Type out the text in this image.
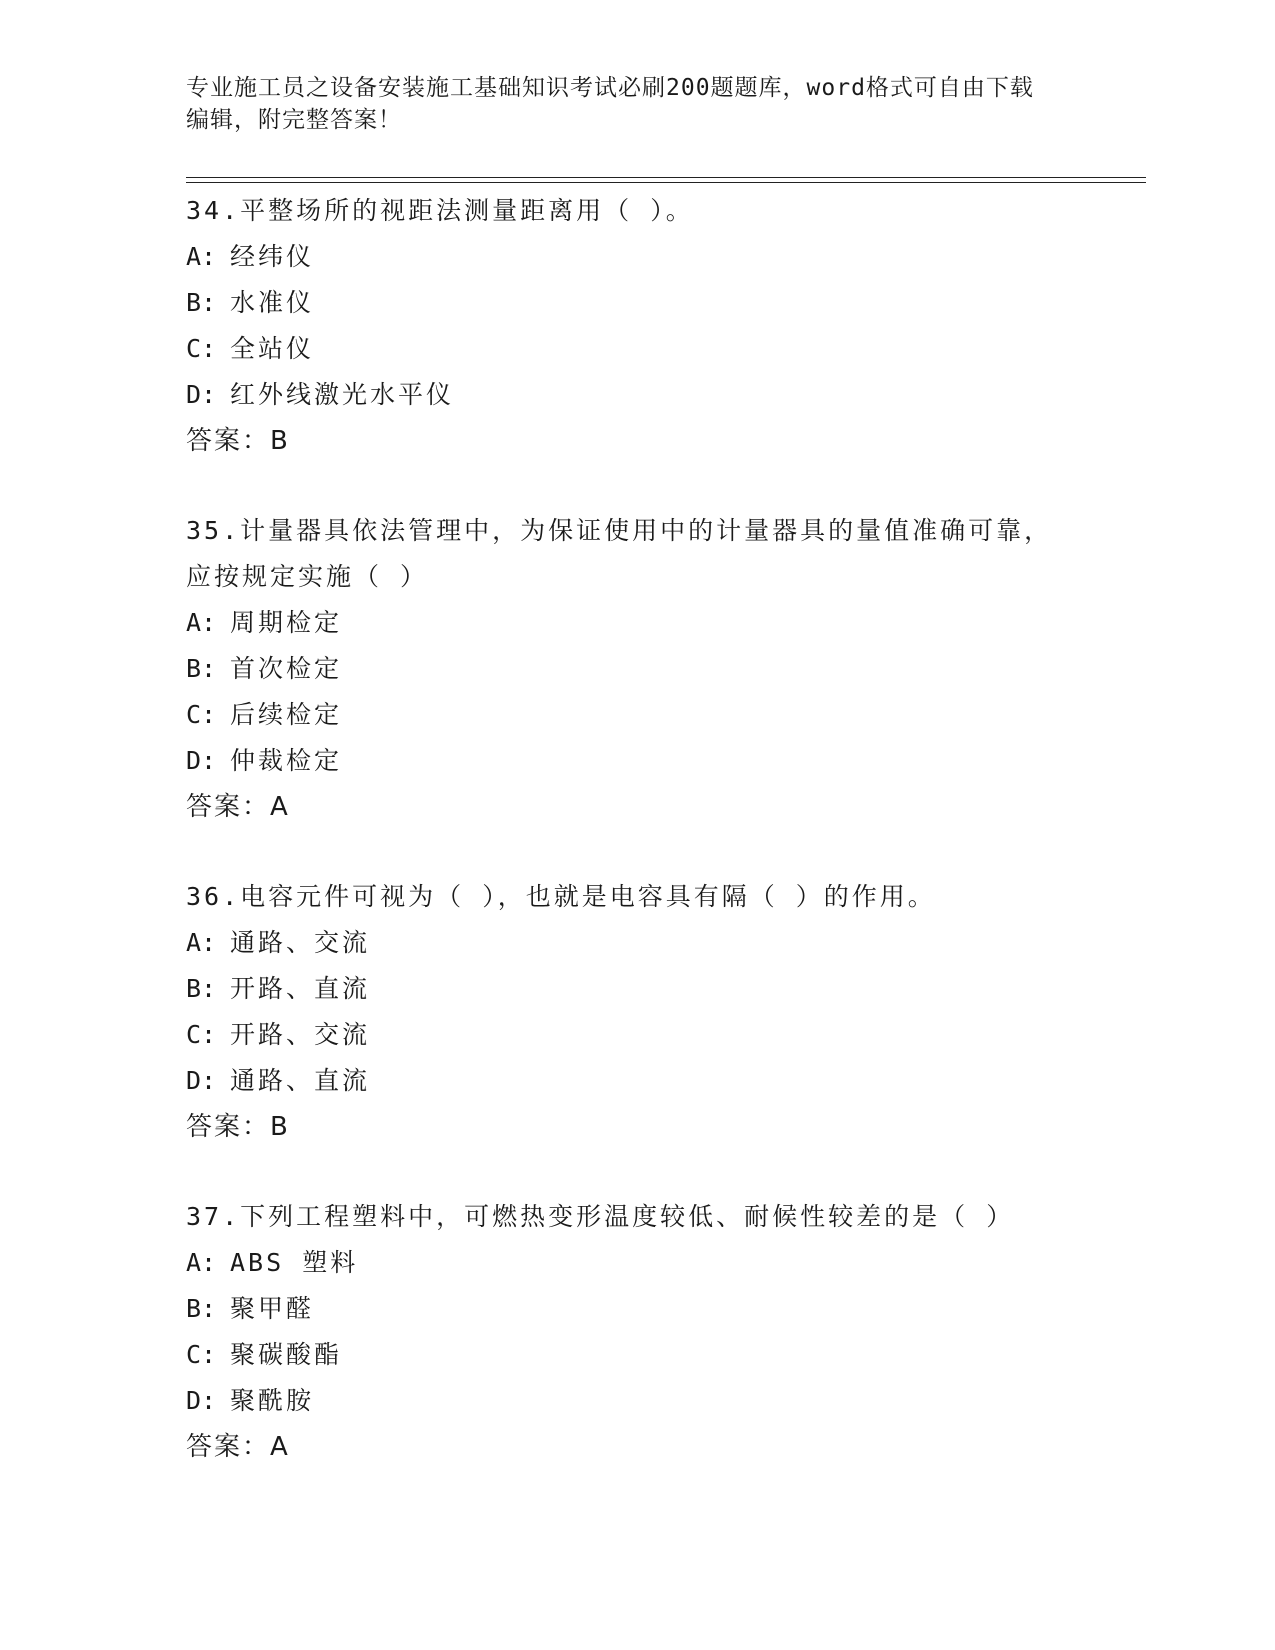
专业施工员之设备安装施工基础知识考试必刷200题题库，word格式可自由下载
编辑，附完整答案！
34.平整场所的视距法测量距离用（ ）。
A: 经纬仪
B: 水准仪
C: 全站仪
D: 红外线激光水平仪
答案：B
35.计量器具依法管理中，为保证使用中的计量器具的量值准确可靠，
应按规定实施（ ）
A: 周期检定
B: 首次检定
C: 后续检定
D: 仲裁检定
答案：A
36.电容元件可视为（ ），也就是电容具有隔（ ）的作用。
A: 通路、交流
B: 开路、直流
C: 开路、交流
D: 通路、直流
答案：B
37.下列工程塑料中，可燃热变形温度较低、耐候性较差的是（ ）
A: ABS 塑料
B: 聚甲醛
C: 聚碳酸酯
D: 聚酰胺
答案：A
